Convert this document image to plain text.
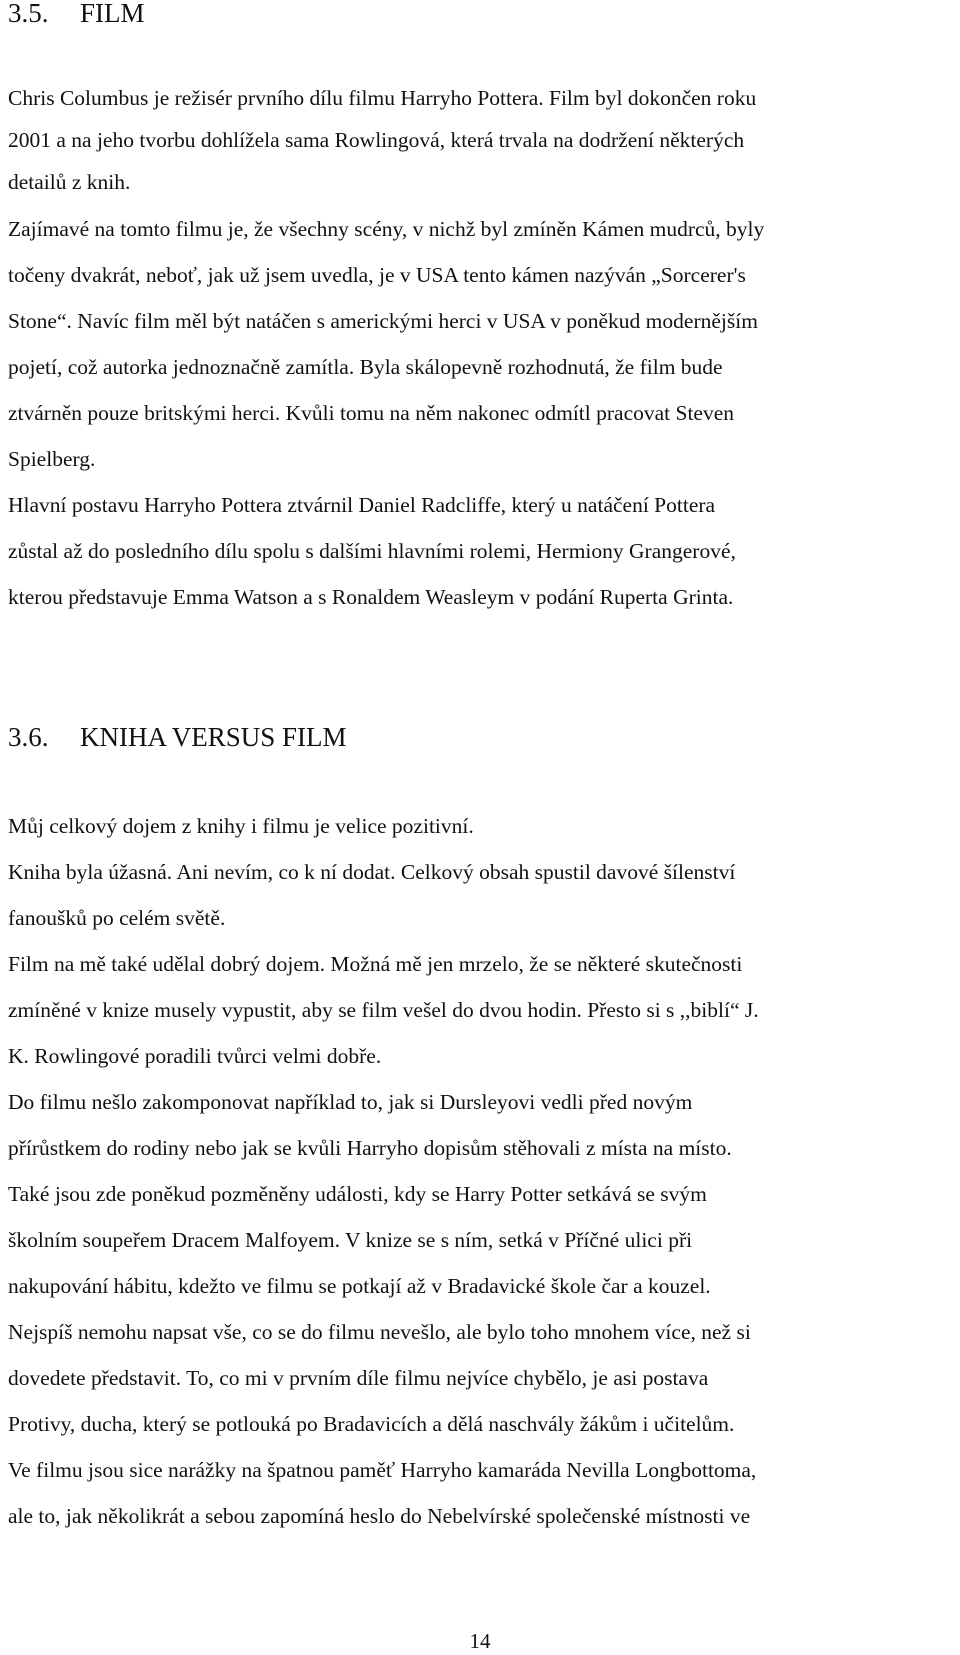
3.5. FILM

Chris Columbus je režisér prvního dílu filmu Harryho Pottera. Film byl dokončen roku

2001 a na jeho tvorbu dohlížela sama Rowlingová, která trvala na dodržení některých

detailů z knih.

Zajímavé na tomto filmu je, že všechny scény, v nichž byl zmíněn Kámen mudrců, byly

točeny dvakrát, neboť, jak už jsem uvedla, je v USA tento kámen nazýván „Sorcerer's

Stone“. Navíc film měl být natáčen s americkými herci v USA v poněkud modernějším

pojetí, což autorka jednoznačně zamítla. Byla skálopevně rozhodnutá, že film bude

ztvárněn pouze britskými herci. Kvůli tomu na něm nakonec odmítl pracovat Steven

Spielberg.

Hlavní postavu Harryho Pottera ztvárnil Daniel Radcliffe, který u natáčení Pottera

zůstal až do posledního dílu spolu s dalšími hlavními rolemi, Hermiony Grangerové,

kterou představuje Emma Watson a s Ronaldem Weasleym v podání Ruperta Grinta.

3.6. KNIHA VERSUS FILM

Můj celkový dojem z knihy i filmu je velice pozitivní.

Kniha byla úžasná. Ani nevím, co k ní dodat. Celkový obsah spustil davové šílenství

fanoušků po celém světě.

Film na mě také udělal dobrý dojem. Možná mě jen mrzelo, že se některé skutečnosti

zmíněné v knize musely vypustit, aby se film vešel do dvou hodin. Přesto si s ,,biblí“ J.

K. Rowlingové poradili tvůrci velmi dobře.

Do filmu nešlo zakomponovat například to, jak si Dursleyovi vedli před novým

přírůstkem do rodiny nebo jak se kvůli Harryho dopisům stěhovali z místa na místo.

Také jsou zde poněkud pozměněny události, kdy se Harry Potter setkává se svým

školním soupeřem Dracem Malfoyem. V knize se s ním, setká v Příčné ulici při

nakupování hábitu, kdežto ve filmu se potkají až v Bradavické škole čar a kouzel.

Nejspíš nemohu napsat vše, co se do filmu nevešlo, ale bylo toho mnohem více, než si

dovedete představit. To, co mi v prvním díle filmu nejvíce chybělo, je asi postava

Protivy, ducha, který se potlouká po Bradavicích a dělá naschvály žákům i učitelům.

Ve filmu jsou sice narážky na špatnou paměť Harryho kamaráda Nevilla Longbottoma,

ale to, jak několikrát a sebou zapomíná heslo do Nebelvírské společenské místnosti ve

14
